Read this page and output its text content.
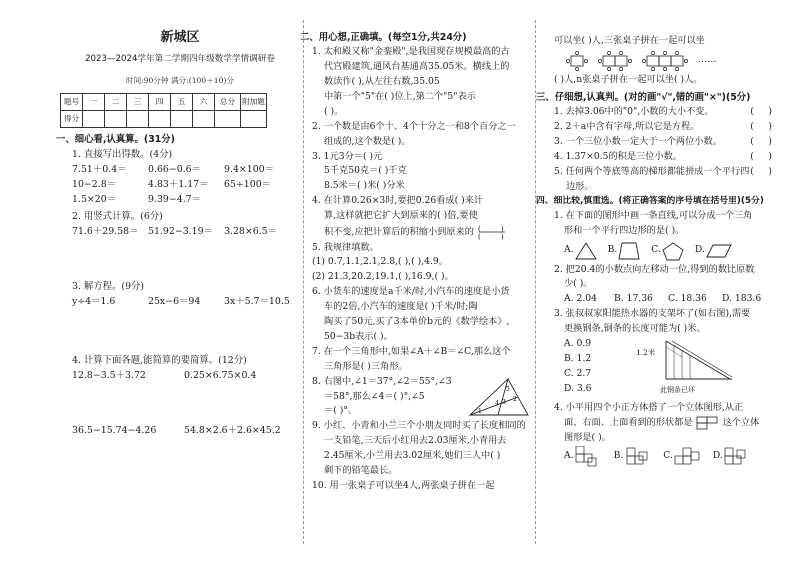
新城区
2023—2024学年第二学期四年级数学学情调研卷
时间:90分钟 满分:(100＋10)分
题号	一	二	三	四	五	六	总分	附加题
得分								
一、细心看,认真算。(31分)
1. 直接写出得数。(4分)
7.51＋0.4＝	0.66−0.6＝	9.4×100＝
10−2.8＝	4.83＋1.17＝	65÷100＝
1.5×20＝	9.39−4.7＝
2. 用竖式计算。(6分)
71.6＋29.58＝	51.92−3.19＝	3.28×6.5＝
3. 解方程。(9分)
y÷4＝1.6	25x−6＝94	3x＋5.7＝10.5
4. 计算下面各题,能简算的要简算。(12分)
12.8−3.5＋3.72	0.25×6.75×0.4
36.5−15.74−4.26	54.8×2.6＋2.6×45.2
二、用心想,正确填。(每空1分,共24分)
1. 太和殿又称"金銮殿",是我国现存规模最高的古
代宫殿建筑,通风台基通高35.05米。横线上的
数读作( ),从左往右数,35.05
中第一个"5"在( )位上,第二个"5"表示
( )。
2. 一个数是由6个十、4个十分之一和8个百分之一
组成的,这个数是( )。
3. 1元3分＝( )元
5千克50克＝( )千克
8.5米＝( )米( )分米
4. 在计算0.26×3时,要把0.26看成( )来计
算,这样就把它扩大到原来的( )倍,要使
积不变,应把计算后的积缩小到原来的 (	)
(	)
5. 我规律填数。
(1) 0.7,1.1,2.1,2.8,( ),( ),4.9。
(2) 21.3,20.2,19.1,( ),16.9,( )。
6. 小货车的速度是a千米/时,小汽车的速度是小货
车的2倍,小汽车的速度是( )千米/时;陶
陶买了50元,买了3本单价b元的《数学绘本》,
50−3b表示( )。
7. 在一个三角形中,如果∠A＋∠B＝∠C,那么这个
三角形是( )三角形。
8. 右图中,∠1＝37°,∠2＝55°,∠3
＝58°,那么∠4＝( )°,∠5
＝( )°。	1
4 3 2
5
9. 小红、小青和小兰三个小朋友同时买了长度相同的
一支铅笔,三天后小红用去2.03厘米,小青用去
2.45厘米,小兰用去3.02厘米,她们三人中( )
剩下的铅笔最长。
10. 用一张桌子可以坐4人,两张桌子拼在一起
可以坐( )人,三张桌子拼在一起可以坐
……
( )人,n张桌子拼在一起可以坐( )人。
三、仔细想,认真判。(对的画"√",错的画"×")(5分)
1. 去掉3.06中的"0",小数的大小不变。	(     )
2. 2＋a中含有字母,所以它是方程。	(     )
3. 一个三位小数一定大于一个两位小数。	(     )
4. 1.37×0.5的积是三位小数。	(     )
5. 任何两个等底等高的梯形都能拼成一个平行四 (     )
边形。
四、细比较,慎重选。(将正确答案的序号填在括号里)(5分)
1. 在下面的图形中画一条直线,可以分成一个三角
形和一个平行四边形的是( )。
A.	B.	C.	D.
2. 把20.4的小数点向左移动一位,得到的数比原数
少( )。
A. 2.04	B. 17.36	C. 18.36	D. 183.6
3. 张叔叔家阳能热水器的支架坏了(如右图),需要
更换钢条,钢条的长度可能为( )米。
A. 0.9
B. 1.2
C. 2.7
D. 3.6
1.2米
此钢条已坏
4. 小平用四个小正方体搭了一个立体图形,从正
面、右面、上面看到的形状都是	这个立体
图形是( )。
A.	B.	C.	D.
